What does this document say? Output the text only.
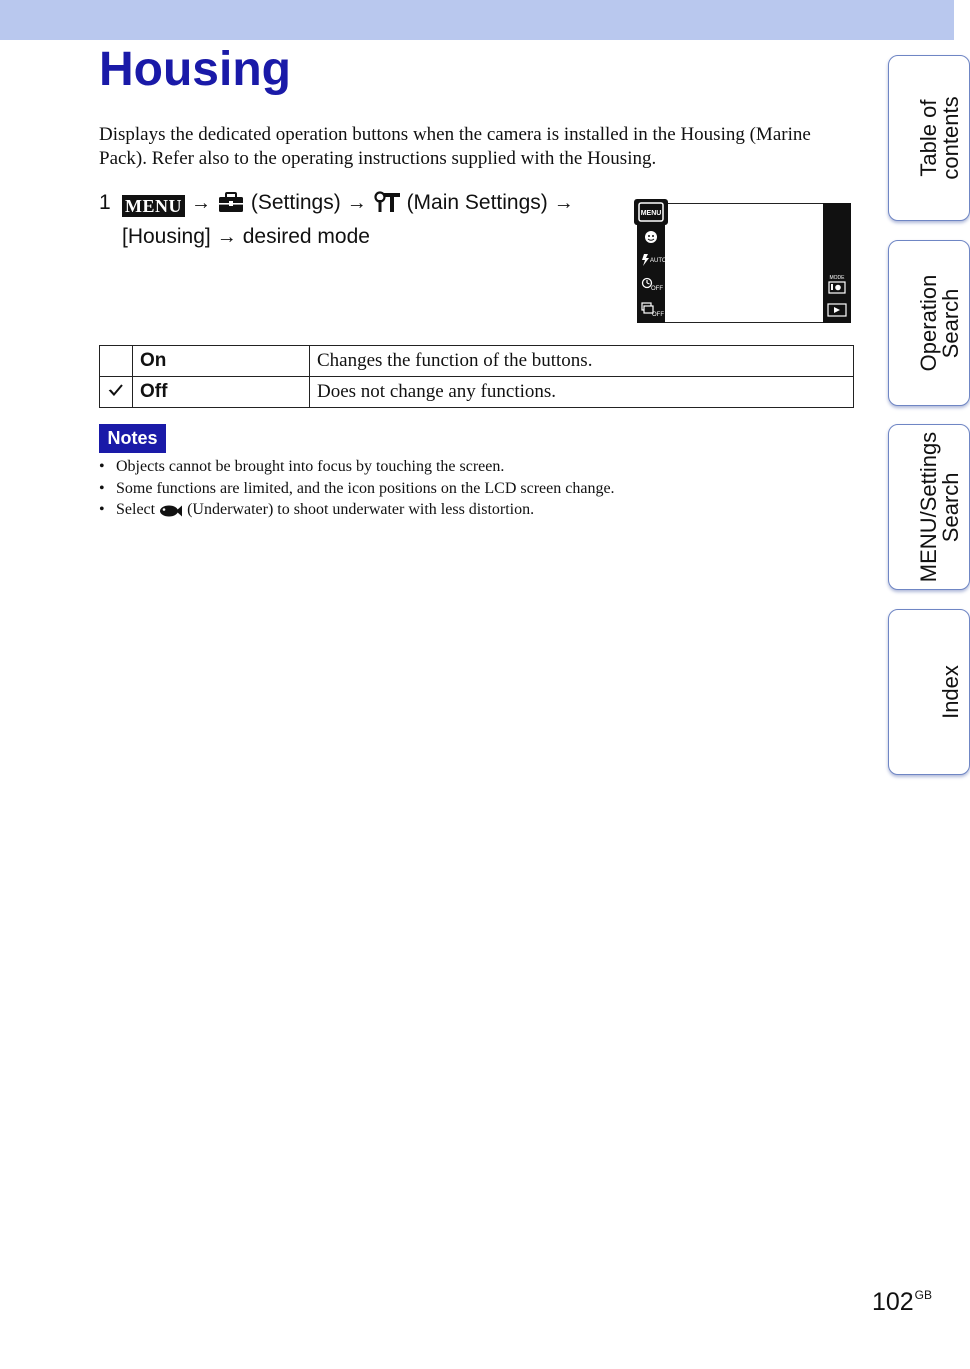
Housing

Displays the dedicated operation buttons when the camera is installed in the Housing (Marine Pack). Refer also to the operating instructions supplied with the Housing.

1 MENU → (Settings) → (Main Settings) →
[Housing] → desired mode
AUTO
OFF
OFF
MODE
MENU
	On	Changes the function of the buttons.
	Off	Does not change any functions.
Notes
• Objects cannot be brought into focus by touching the screen.
• Some functions are limited, and the icon positions on the LCD screen change.
• Select (Underwater) to shoot underwater with less distortion.
Table of
contents
Operation
Search
MENU/Settings
Search
Index
$102^{GB}$
